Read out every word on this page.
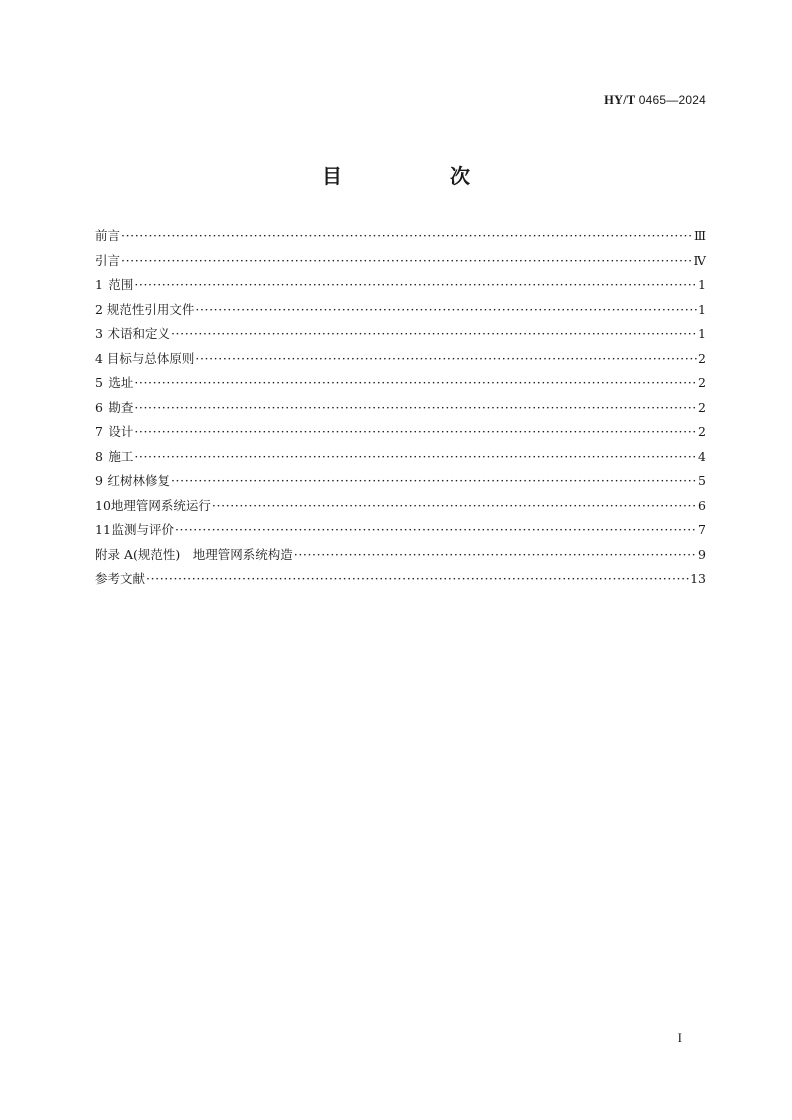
HY/T 0465—2024
目　次
前言 ·····	Ⅲ
引言 ·····	Ⅳ
1 范围 ·····	1
2 规范性引用文件 ·····	1
3 术语和定义 ·····	1
4 目标与总体原则 ·····	2
5 选址 ·····	2
6 勘查 ·····	2
7 设计 ·····	2
8 施工 ·····	4
9 红树林修复 ·····	5
10 地理管网系统运行 ·····	6
11 监测与评价 ·····	7
附录 A(规范性)　地理管网系统构造 ·····	9
参考文献 ·····	13
I
